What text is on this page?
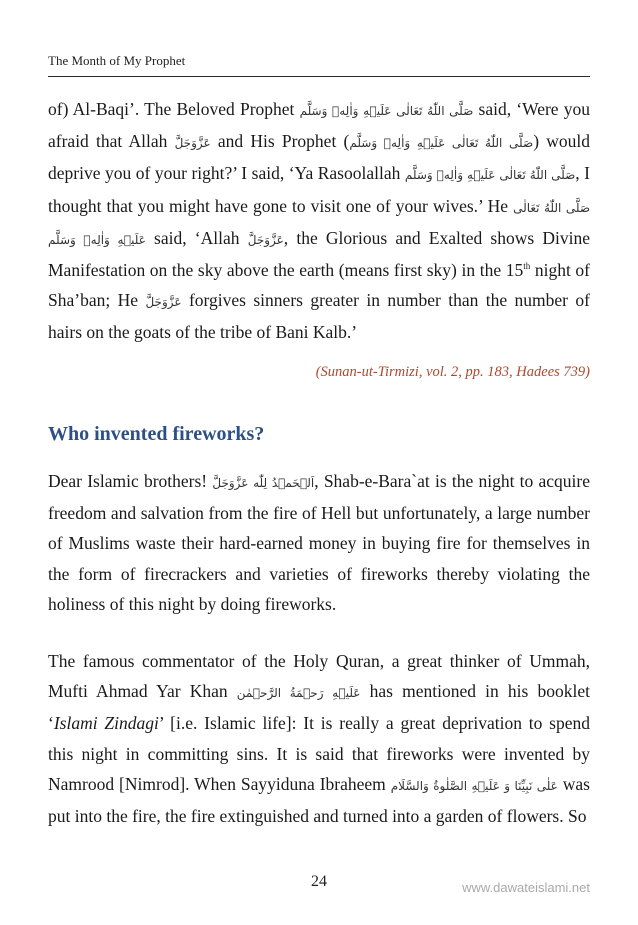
The Month of My Prophet

of) Al-Baqi’. The Beloved Prophet صَلَّى اللّٰهُ تَعَالٰى عَلَيۡهِ وَاٰلِهٖ وَسَلَّم said, ‘Were you afraid that Allah عَزَّوَجَلَّ and His Prophet (صَلَّى اللّٰهُ تَعَالٰى عَلَيۡهِ وَاٰلِهٖ وَسَلَّم) would deprive you of your right?’ I said, ‘Ya Rasoolallah صَلَّى اللّٰهُ تَعَالٰى عَلَيۡهِ وَاٰلِهٖ وَسَلَّم, I thought that you might have gone to visit one of your wives.’ He صَلَّى اللّٰهُ تَعَالٰى عَلَيۡهِ وَاٰلِهٖ وَسَلَّم said, ‘Allah عَزَّوَجَلَّ, the Glorious and Exalted shows Divine Manifestation on the sky above the earth (means first sky) in the 15th night of Sha’ban; He عَزَّوَجَلَّ forgives sinners greater in number than the number of hairs on the goats of the tribe of Bani Kalb.’

(Sunan-ut-Tirmizi, vol. 2, pp. 183, Hadees 739)
Who invented fireworks?

Dear Islamic brothers! اَلۡحَمۡدُ لِلّٰه عَزَّوَجَلَّ, Shab-e-Bara`at is the night to acquire freedom and salvation from the fire of Hell but unfortunately, a large number of Muslims waste their hard-earned money in buying fire for themselves in the form of firecrackers and varieties of fireworks thereby violating the holiness of this night by doing fireworks.

The famous commentator of the Holy Quran, a great thinker of Ummah, Mufti Ahmad Yar Khan عَلَيۡهِ رَحۡمَةُ الرَّحۡمٰن has mentioned in his booklet ‘Islami Zindagi’ [i.e. Islamic life]: It is really a great deprivation to spend this night in committing sins. It is said that fireworks were invented by Namrood [Nimrod]. When Sayyiduna Ibraheem عَلٰى نَبِيِّنَا وَ عَلَيۡهِ الصَّلٰوةُ وَالسَّلَام was put into the fire, the fire extinguished and turned into a garden of flowers. So

24	www.dawateislami.net
